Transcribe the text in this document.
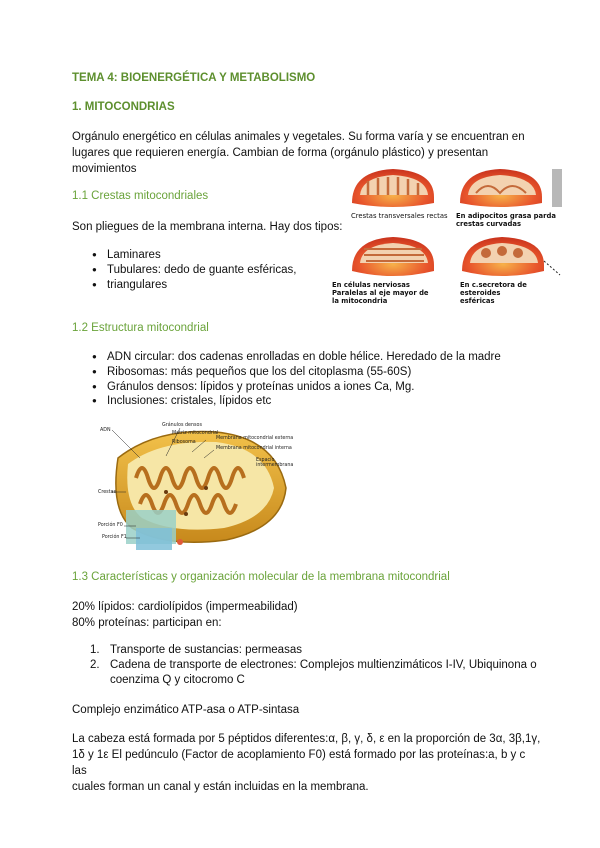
TEMA 4: BIOENERGÉTICA Y METABOLISMO
1. MITOCONDRIAS
Orgánulo energético en células animales y vegetales. Su forma varía y se encuentran en
lugares que requieren energía. Cambian de forma (orgánulo plástico) y presentan
movimientos
1.1 Crestas mitocondriales
Son pliegues de la membrana interna. Hay dos tipos:
● Laminares
● Tubulares: dedo de guante esféricas,
● triangulares
Crestas transversales rectas En adipocitos grasa parda
crestas curvadas
En células nerviosas
Paralelas al eje mayor de
la mitocondria
En c.secretora de esteroides
esféricas
1.2 Estructura mitocondrial
● ADN circular: dos cadenas enrolladas en doble hélice. Heredado de la madre
● Ribosomas: más pequeños que los del citoplasma (55-60S)
● Gránulos densos: lípidos y proteínas unidos a iones Ca, Mg.
● Inclusiones: cristales, lípidos etc
ADN
Gránulos densos
Matriz mitocondrial
Membrana mitocondrial externa
Ribosoma
Membrana mitocondrial interna
Espacio
intermembrana
Crestas
Porción F0
Porción F1
1.3 Características y organización molecular de la membrana mitocondrial
20% lípidos: cardiolípidos (impermeabilidad)
80% proteínas: participan en:
1. Transporte de sustancias: permeasas
2. Cadena de transporte de electrones: Complejos multienzimáticos I-IV, Ubiquinona o
coenzima Q y citocromo C
Complejo enzimático ATP-asa o ATP-sintasa
La cabeza está formada por 5 péptidos diferentes:α, β, γ, δ, ε en la proporción de 3α, 3β,1γ,
1δ y 1ε El pedúnculo (Factor de acoplamiento F0) está formado por las proteínas:a, b y c las
cuales forman un canal y están incluidas en la membrana.
